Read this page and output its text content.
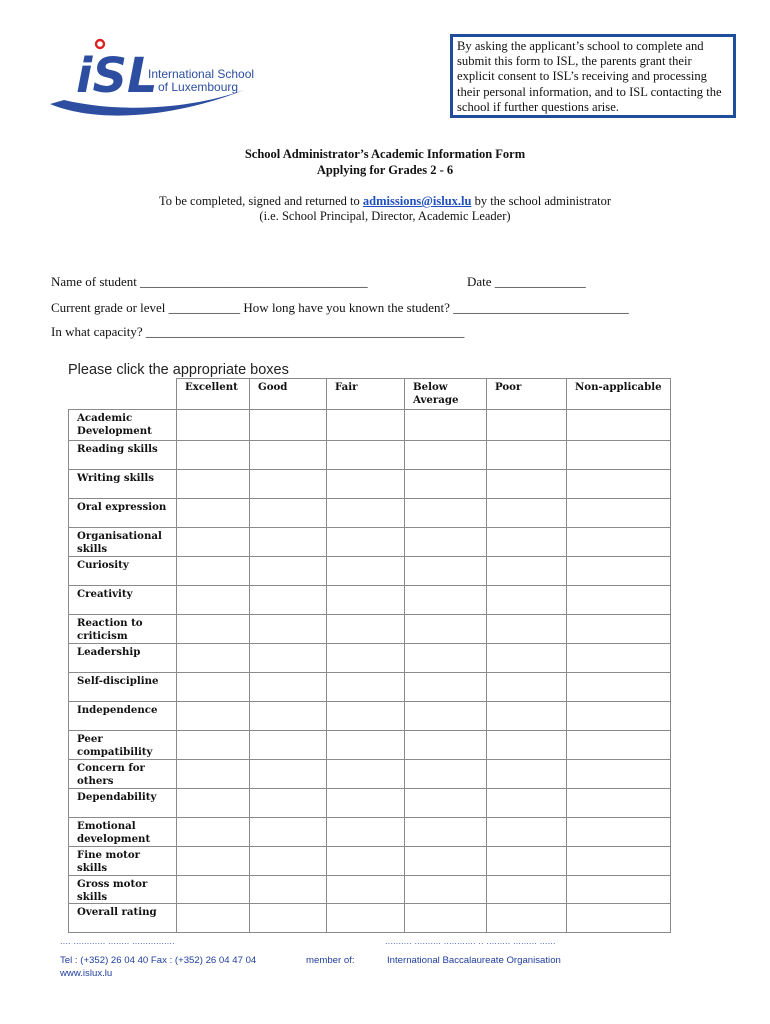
iSL
International School
of Luxembourg
By asking the applicant’s school to complete and submit this form to ISL, the parents grant their explicit consent to ISL’s receiving and processing their personal information, and to ISL contacting the school if further questions arise.
School Administrator’s Academic Information Form
Applying for Grades 2 - 6
To be completed, signed and returned to admissions@islux.lu by the school administrator
(i.e. School Principal, Director, Academic Leader)
Name of student ___________________________________	Date ______________
Current grade or level ___________ How long have you known the student? ___________________________
In what capacity? _________________________________________________
Please click the appropriate boxes
	Excellent	Good	Fair	Below Average	Poor	Non-applicable
Academic Development						
Reading skills						
Writing skills						
Oral expression						
Organisational skills						
Curiosity						
Creativity						
Reaction to criticism						
Leadership						
Self-discipline						
Independence						
Peer compatibility						
Concern for others						
Dependability						
Emotional development						
Fine motor skills						
Gross motor skills						
Overall rating						
.... ............ ........ ................	.......... .......... ............ .. ......... ......... ......
Tel : (+352) 26 04 40 Fax : (+352) 26 04 47 04
www.islux.lu
member of:	International Baccalaureate Organisation
